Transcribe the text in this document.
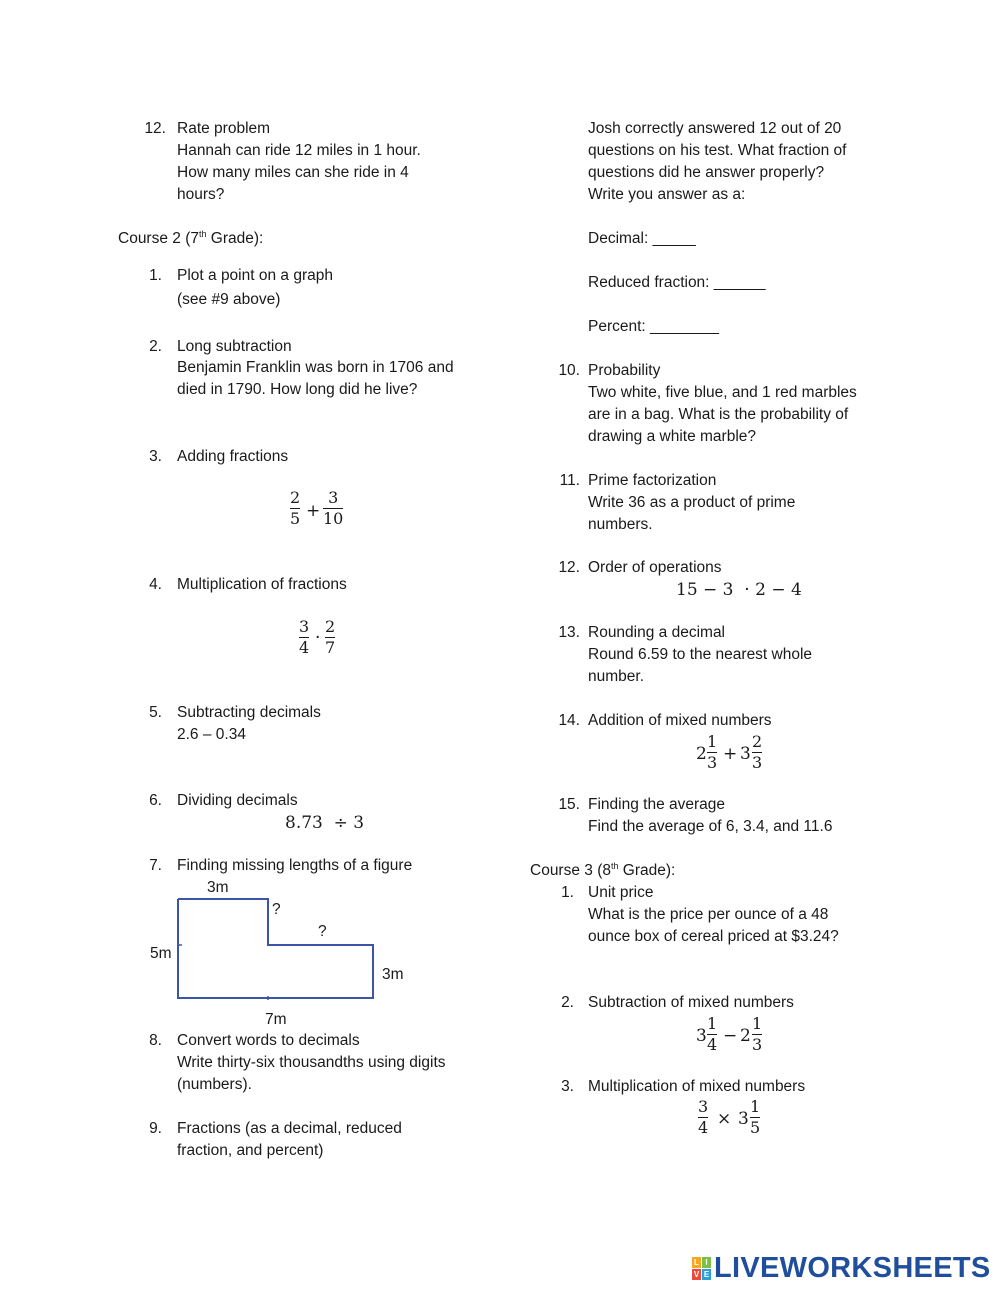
12. Rate problem
Hannah can ride 12 miles in 1 hour.
How many miles can she ride in 4
hours?
Course 2 (7th Grade):
1. Plot a point on a graph
(see #9 above)
2. Long subtraction
Benjamin Franklin was born in 1706 and
died in 1790. How long did he live?
3. Adding fractions
2
5 +
3
10
4. Multiplication of fractions
3
4 ·
2
7
5. Subtracting decimals
2.6 – 0.34
6. Dividing decimals
8.73  ÷ 3
7. Finding missing lengths of a figure
3m
?
?
5m
3m
7m
8. Convert words to decimals
Write thirty-six thousandths using digits
(numbers).
9. Fractions (as a decimal, reduced
fraction, and percent)
Josh correctly answered 12 out of 20
questions on his test. What fraction of
questions did he answer properly?
Write you answer as a:
Decimal: _____
Reduced fraction: ______
Percent: ________
10. Probability
Two white, five blue, and 1 red marbles
are in a bag. What is the probability of
drawing a white marble?
11. Prime factorization
Write 36 as a product of prime
numbers.
12. Order of operations
15 − 3  · 2 − 4
13. Rounding a decimal
Round 6.59 to the nearest whole
number.
14. Addition of mixed numbers
2
1
3 + 3
2
3
15. Finding the average
Find the average of 6, 3.4, and 11.6
Course 3 (8th Grade):
1. Unit price
What is the price per ounce of a 48
ounce box of cereal priced at $3.24?
2. Subtraction of mixed numbers
3
1
4 − 2
1
3
3. Multiplication of mixed numbers
3
4 × 3
1
5
L I
V E LIVEWORKSHEETS
